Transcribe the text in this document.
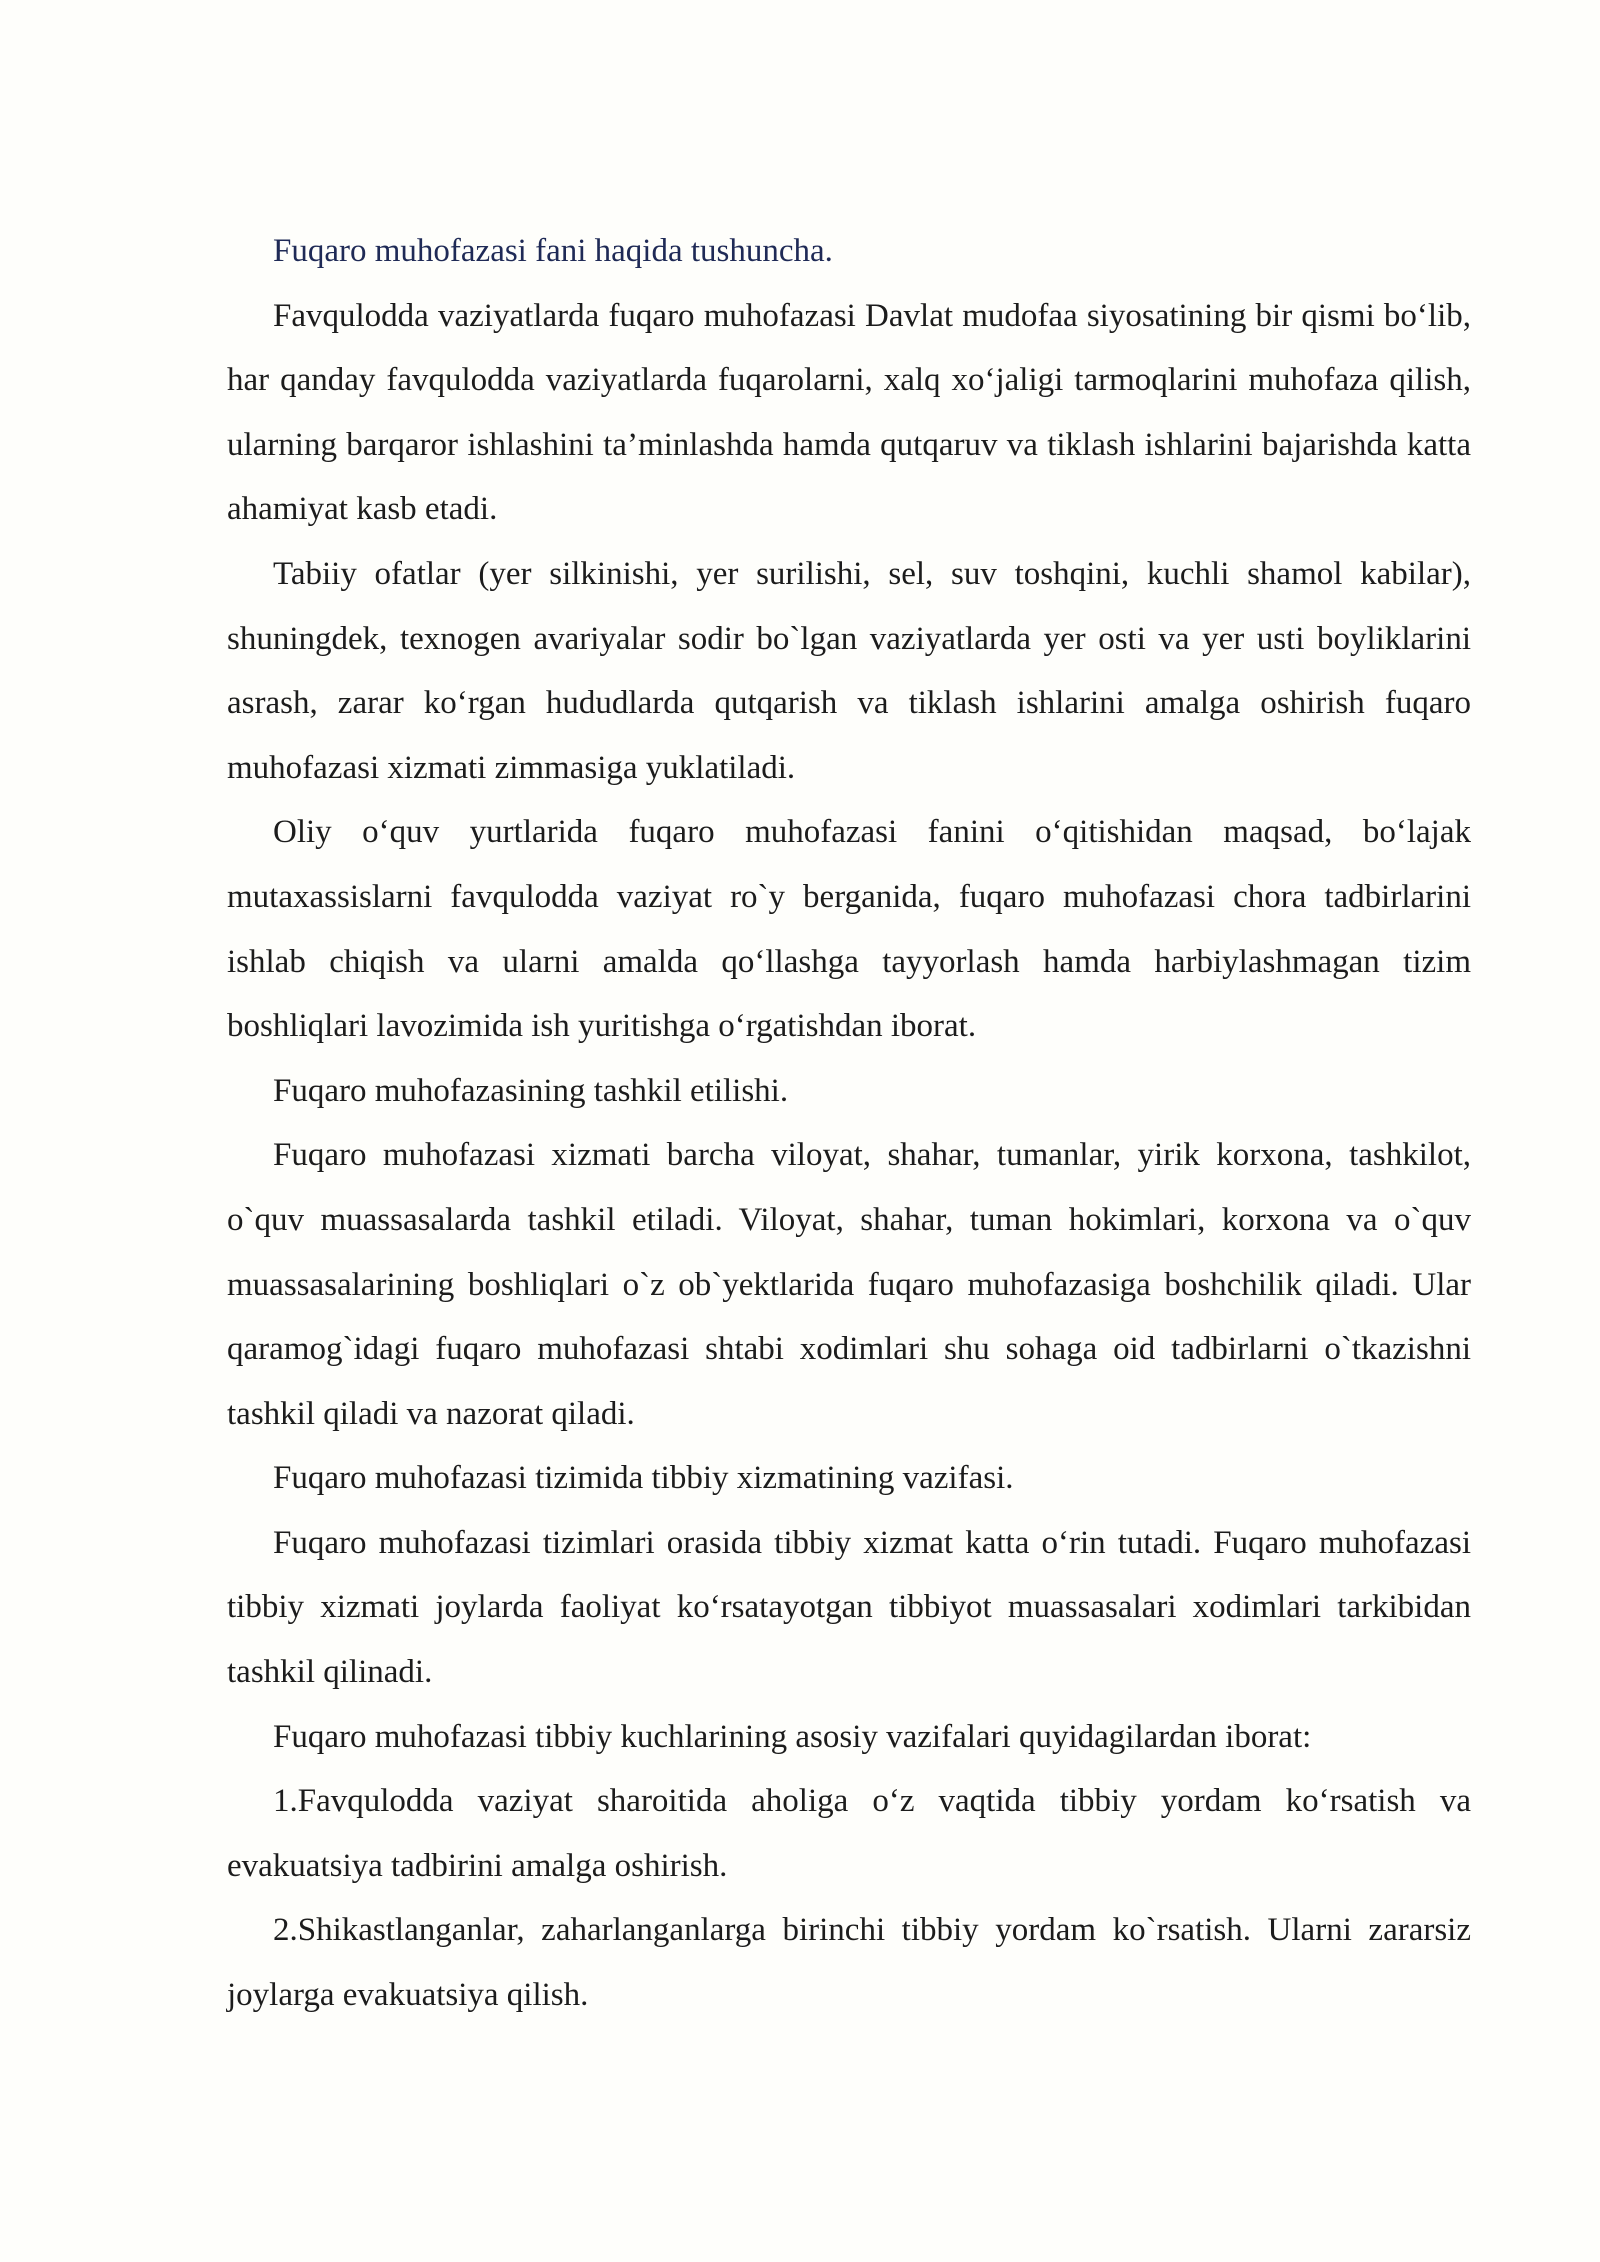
Fuqaro muhofazasi fani haqida tushuncha.

Favqulodda vaziyatlarda fuqaro muhofazasi Davlat mudofaa siyosatining bir qismi bo‘lib, har qanday favqulodda vaziyatlarda fuqarolarni, xalq xo‘jaligi tarmoqlarini muhofaza qilish, ularning barqaror ishlashini ta’minlashda hamda qutqaruv va tiklash ishlarini bajarishda katta ahamiyat kasb etadi.

Tabiiy ofatlar (yer silkinishi, yer surilishi, sel, suv toshqini, kuchli shamol kabilar), shuningdek, texnogen avariyalar sodir bo`lgan vaziyatlarda yer osti va yer usti boyliklarini asrash, zarar ko‘rgan hududlarda qutqarish va tiklash ishlarini amalga oshirish fuqaro muhofazasi xizmati zimmasiga yuklatiladi.

Oliy o‘quv yurtlarida fuqaro muhofazasi fanini o‘qitishidan maqsad, bo‘lajak mutaxassislarni favqulodda vaziyat ro`y berganida, fuqaro muhofazasi chora tadbirlarini ishlab chiqish va ularni amalda qo‘llashga tayyorlash hamda harbiylashmagan tizim boshliqlari lavozimida ish yuritishga o‘rgatishdan iborat.

Fuqaro muhofazasining tashkil etilishi.

Fuqaro muhofazasi xizmati barcha viloyat, shahar, tumanlar, yirik korxona, tashkilot, o`quv muassasalarda tashkil etiladi. Viloyat, shahar, tuman hokimlari, korxona va o`quv muassasalarining boshliqlari o`z ob`yektlarida fuqaro muhofazasiga boshchilik qiladi. Ular qaramog`idagi fuqaro muhofazasi shtabi xodimlari shu sohaga oid tadbirlarni o`tkazishni tashkil qiladi va nazorat qiladi.

Fuqaro muhofazasi tizimida tibbiy xizmatining vazifasi.

Fuqaro muhofazasi tizimlari orasida tibbiy xizmat katta o‘rin tutadi. Fuqaro muhofazasi tibbiy xizmati joylarda faoliyat ko‘rsatayotgan tibbiyot muassasalari xodimlari tarkibidan tashkil qilinadi.

Fuqaro muhofazasi tibbiy kuchlarining asosiy vazifalari quyidagilardan iborat:

1.Favqulodda vaziyat sharoitida aholiga o‘z vaqtida tibbiy yordam ko‘rsatish va evakuatsiya tadbirini amalga oshirish.

2.Shikastlanganlar, zaharlanganlarga birinchi tibbiy yordam ko`rsatish. Ularni zararsiz joylarga evakuatsiya qilish.
